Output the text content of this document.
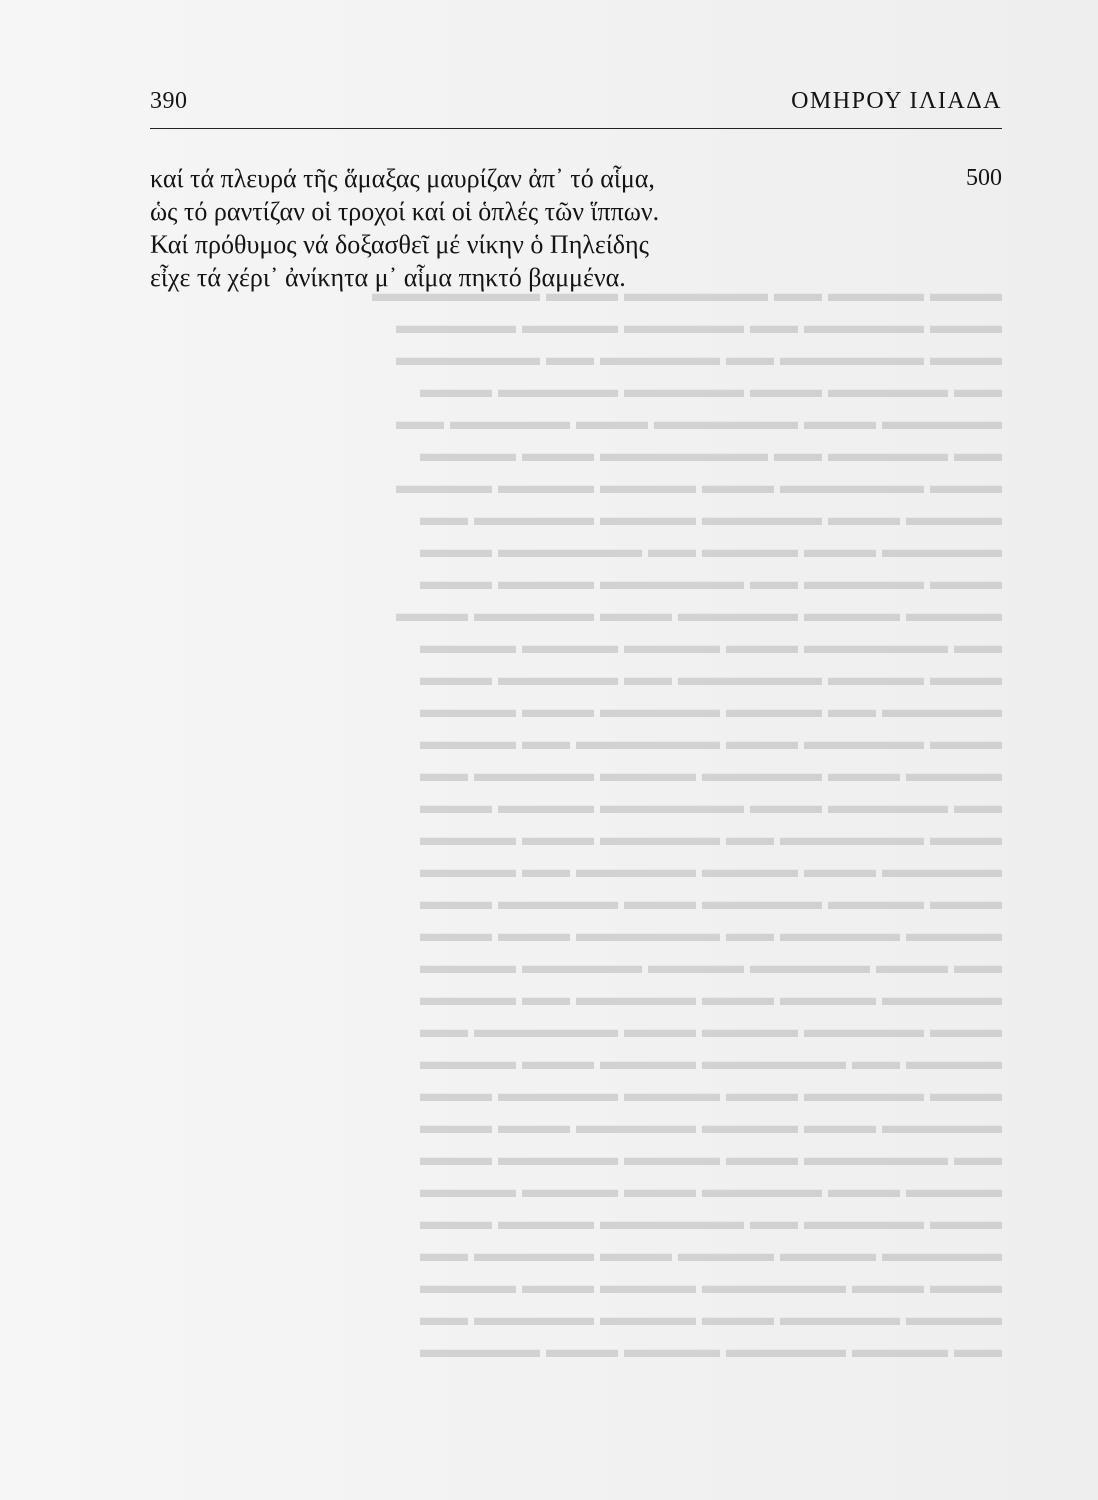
▬▬▬ ▬▬▬▬ ▬▬ ▬▬▬▬▬▬ ▬▬▬ ▬▬▬▬▬▬▬
▬▬▬ ▬▬▬▬▬ ▬▬ ▬▬▬▬▬ ▬▬▬▬ ▬▬▬▬▬
▬▬▬ ▬▬▬▬▬▬ ▬▬ ▬▬▬▬▬ ▬▬ ▬▬▬▬▬▬
▬▬ ▬▬▬▬▬ ▬▬▬ ▬▬▬▬▬ ▬▬▬▬▬ ▬▬▬
▬▬▬▬▬ ▬▬▬ ▬▬▬▬▬▬ ▬▬▬ ▬▬▬▬▬ ▬▬
▬▬ ▬▬▬▬▬ ▬▬ ▬▬▬▬▬▬▬ ▬▬▬ ▬▬▬▬
▬▬▬ ▬▬▬▬▬▬ ▬▬▬ ▬▬▬▬ ▬▬▬▬ ▬▬▬▬
▬▬▬▬ ▬▬▬ ▬▬▬▬▬ ▬▬▬▬ ▬▬▬▬▬ ▬▬
▬▬▬▬▬ ▬▬▬ ▬▬▬▬ ▬▬ ▬▬▬▬▬▬ ▬▬▬
▬▬▬ ▬▬▬▬▬ ▬▬ ▬▬▬▬▬▬ ▬▬▬▬ ▬▬▬
▬▬▬▬ ▬▬▬▬ ▬▬▬▬▬ ▬▬▬ ▬▬▬▬▬ ▬▬▬
▬▬ ▬▬▬▬▬▬ ▬▬▬ ▬▬▬▬ ▬▬▬▬ ▬▬▬▬
▬▬▬ ▬▬▬▬ ▬▬▬▬▬▬ ▬▬ ▬▬▬▬▬ ▬▬▬
▬▬▬▬▬ ▬▬ ▬▬▬▬ ▬▬▬▬▬ ▬▬▬ ▬▬▬▬
▬▬▬ ▬▬▬▬▬ ▬▬▬ ▬▬▬▬▬▬ ▬▬ ▬▬▬▬
▬▬▬▬ ▬▬▬ ▬▬▬▬▬ ▬▬▬▬ ▬▬▬▬▬ ▬▬
▬▬ ▬▬▬▬▬ ▬▬▬ ▬▬▬▬▬▬ ▬▬▬▬ ▬▬▬
▬▬▬ ▬▬▬▬▬▬ ▬▬ ▬▬▬▬▬ ▬▬▬ ▬▬▬▬
▬▬▬▬▬ ▬▬▬ ▬▬▬▬ ▬▬▬▬▬ ▬▬ ▬▬▬▬
▬▬▬ ▬▬▬▬ ▬▬▬▬▬ ▬▬▬ ▬▬▬▬▬ ▬▬▬
▬▬▬▬ ▬▬▬▬▬ ▬▬ ▬▬▬▬▬▬ ▬▬▬ ▬▬▬
▬▬ ▬▬▬ ▬▬▬▬▬ ▬▬▬▬ ▬▬▬▬▬ ▬▬▬▬
▬▬▬▬▬ ▬▬▬▬ ▬▬▬ ▬▬▬▬▬ ▬▬ ▬▬▬▬
▬▬▬ ▬▬▬▬▬ ▬▬▬▬ ▬▬▬ ▬▬▬▬▬▬ ▬▬
▬▬▬▬ ▬▬ ▬▬▬▬▬▬ ▬▬▬▬ ▬▬▬ ▬▬▬▬
▬▬▬ ▬▬▬▬▬ ▬▬▬ ▬▬▬▬ ▬▬▬▬▬ ▬▬▬
▬▬▬▬▬ ▬▬▬ ▬▬▬▬ ▬▬▬▬▬ ▬▬▬ ▬▬▬
▬▬ ▬▬▬▬▬▬ ▬▬▬ ▬▬▬▬ ▬▬▬▬▬ ▬▬▬
▬▬▬▬ ▬▬▬ ▬▬▬▬▬ ▬▬▬ ▬▬▬▬ ▬▬▬▬
▬▬▬ ▬▬▬▬▬ ▬▬ ▬▬▬▬▬▬ ▬▬▬▬ ▬▬▬
▬▬▬▬▬ ▬▬▬▬ ▬▬▬▬ ▬▬▬ ▬▬▬▬▬ ▬▬
▬▬▬ ▬▬▬ ▬▬▬▬▬▬ ▬▬▬▬ ▬▬▬ ▬▬▬▬
▬▬▬▬ ▬▬▬▬▬ ▬▬▬ ▬▬▬▬ ▬▬▬▬▬ ▬▬
▬▬ ▬▬▬▬ ▬▬▬▬▬ ▬▬▬▬ ▬▬▬ ▬▬▬▬▬
390	ΟΜΗΡΟΥ ΙΛΙΑΔΑ
καί τά πλευρά τῆς ἅμαξας μαυρίζαν ἀπ᾽ τό αἷμα,	500
ὡς τό ραντίζαν οἱ τροχοί καί οἱ ὁπλές τῶν ἵππων.
Καί πρόθυμος νά δοξασθεῖ μέ νίκην ὁ Πηλείδης
εἶχε τά χέρι᾽ ἀνίκητα μ᾽ αἷμα πηκτό βαμμένα.
